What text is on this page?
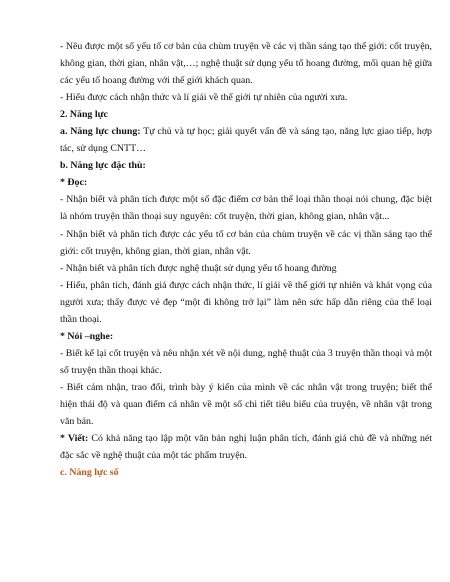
- Nêu được một số yếu tố cơ bản của chùm truyện về các vị thần sáng tạo thế giới: cốt truyện, không gian, thời gian, nhân vật,…; nghệ thuật sử dụng yếu tố hoang đường, mối quan hệ giữa các yếu tố hoang đường với thế giới khách quan.

- Hiểu được cách nhận thức và lí giải về thế giới tự nhiên của người xưa.

2. Năng lực

a. Năng lực chung: Tự chủ và tự học; giải quyết vấn đề và sáng tạo, năng lực giao tiếp, hợp tác, sử dụng CNTT…

b. Năng lực đặc thù:

* Đọc:

- Nhận biết và phân tích được một số đặc điểm cơ bản thể loại thần thoại nói chung, đặc biệt là nhóm truyện thần thoại suy nguyên: cốt truyện, thời gian, không gian, nhân vật...

- Nhận biết và phân tích được các yếu tố cơ bản của chùm truyện về các vị thần sáng tạo thế giới: cốt truyện, không gian, thời gian, nhân vật.

- Nhận biết và phân tích được nghệ thuật sử dụng yếu tố hoang đường

- Hiểu, phân tích, đánh giá được cách nhận thức, lí giải về thế giới tự nhiên và khát vọng của người xưa; thấy được vẻ đẹp “một đi không trở lại” làm nên sức hấp dẫn riêng của thể loại thần thoại.

* Nói –nghe:

- Biết kể lại cốt truyện và nêu nhận xét về nội dung, nghệ thuật của 3 truyện thần thoại và một số truyện thần thoại khác.

- Biết cảm nhận, trao đổi, trình bày ý kiến của mình về các nhân vật trong truyện; biết thể hiện thái độ và quan điểm cá nhân về một số chi tiết tiêu biểu của truyện, về nhân vật trong văn bản.

* Viết: Có khả năng tạo lập một văn bản nghị luận phân tích, đánh giá chủ đề và những nét đặc sắc về nghệ thuật của một tác phẩm truyện.

c. Năng lực số
